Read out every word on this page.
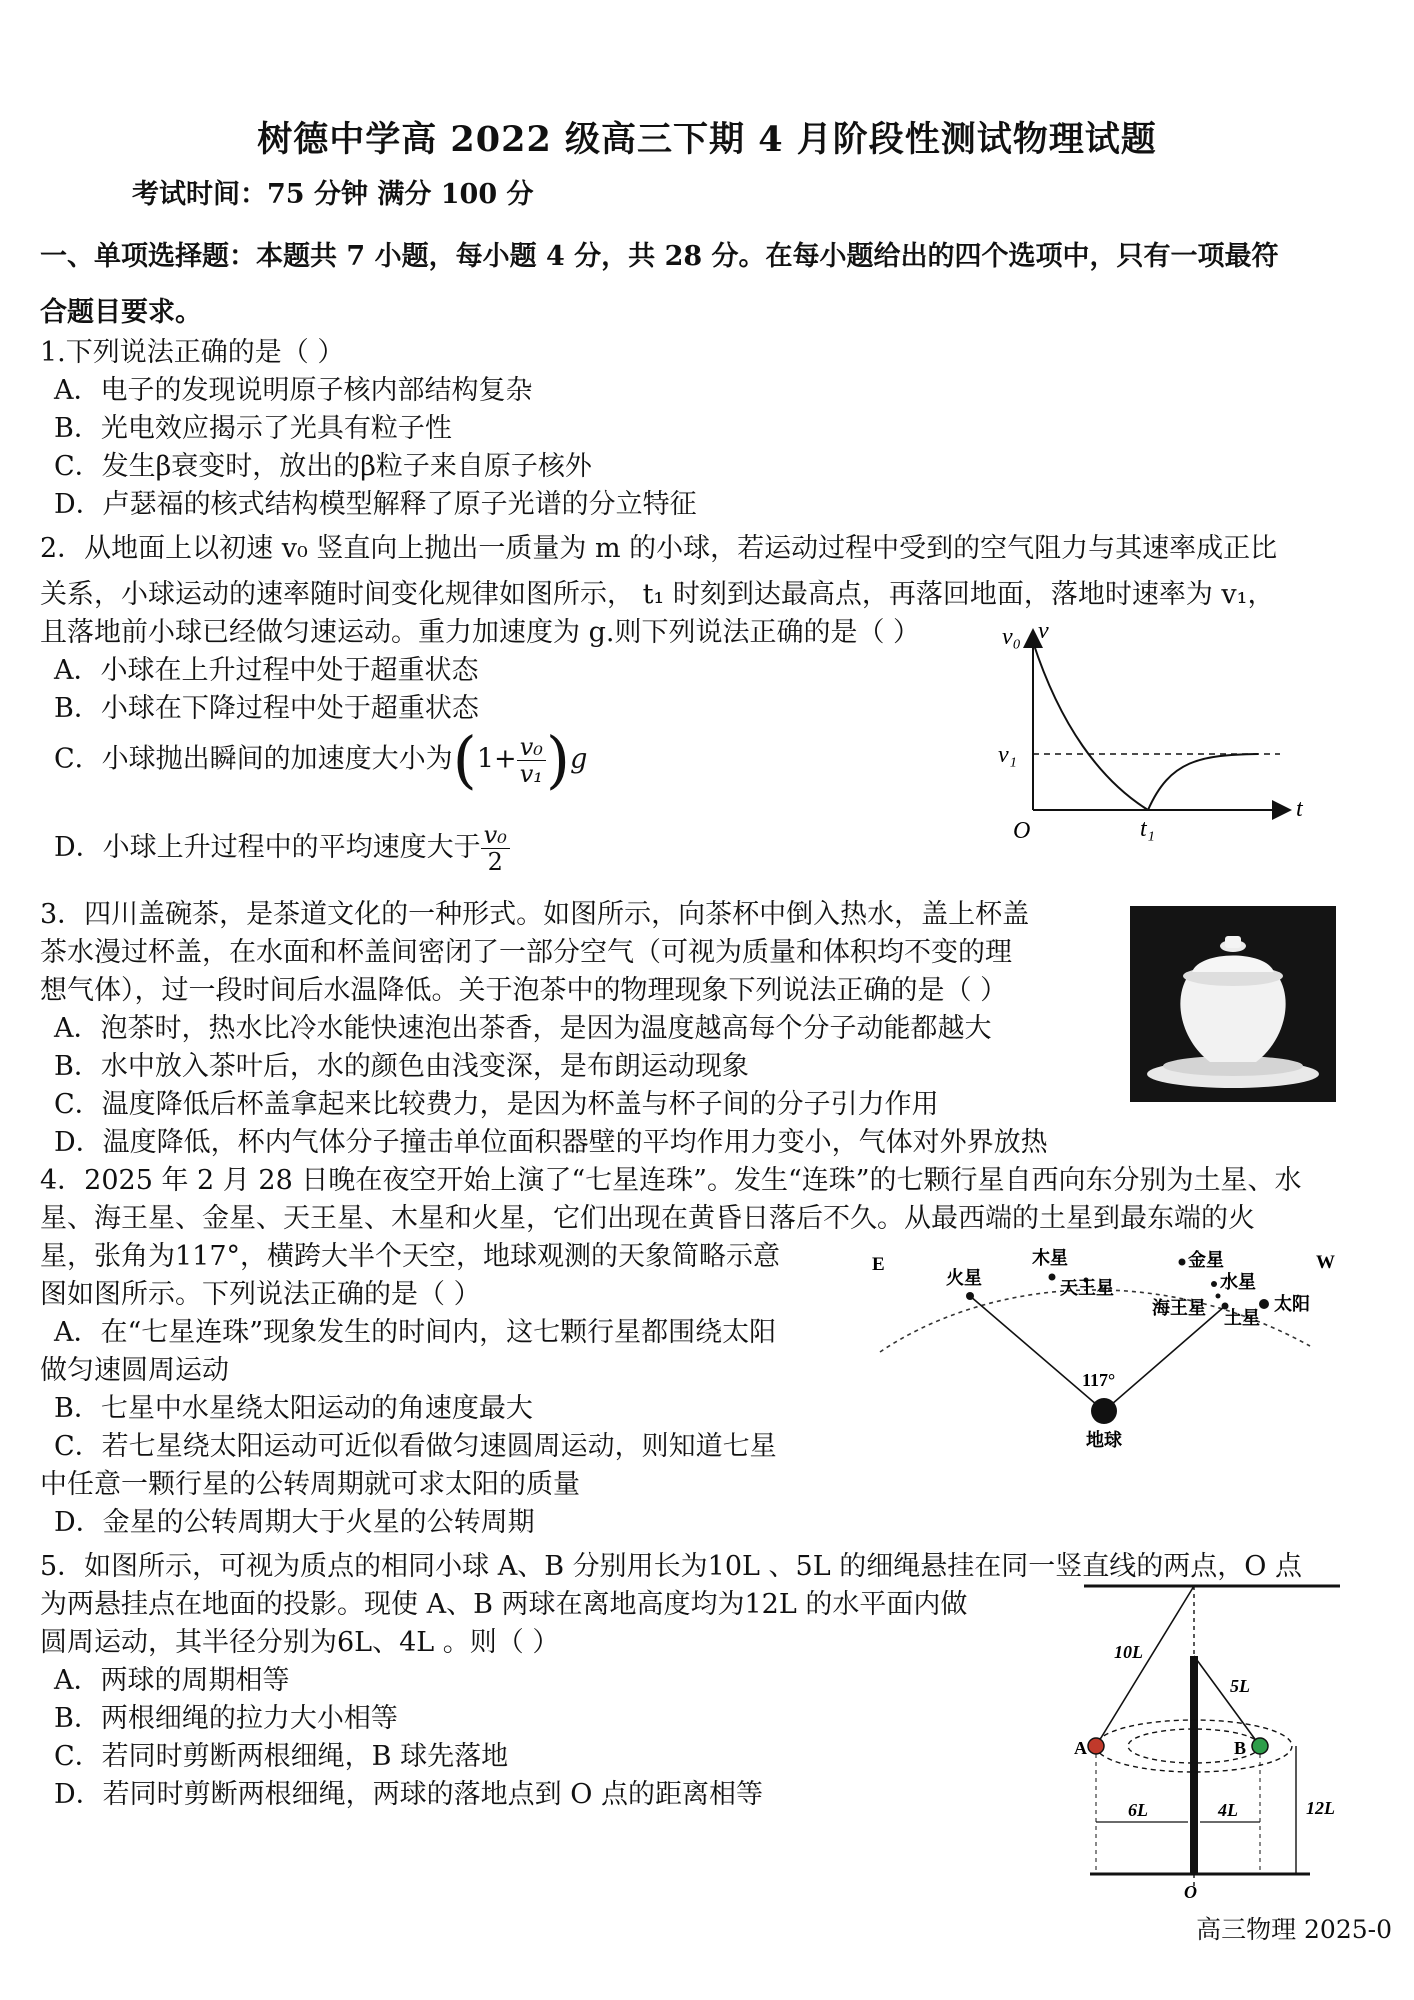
树德中学高 2022 级高三下期 4 月阶段性测试物理试题
考试时间：75 分钟 满分 100 分
一、单项选择题：本题共 7 小题，每小题 4 分，共 28 分。在每小题给出的四个选项中，只有一项最符
合题目要求。
1.下列说法正确的是（ ）
A．电子的发现说明原子核内部结构复杂
B．光电效应揭示了光具有粒子性
C．发生β衰变时，放出的β粒子来自原子核外
D．卢瑟福的核式结构模型解释了原子光谱的分立特征
2．从地面上以初速 v₀ 竖直向上抛出一质量为 m 的小球，若运动过程中受到的空气阻力与其速率成正比
关系，小球运动的速率随时间变化规律如图所示， t₁ 时刻到达最高点，再落回地面，落地时速率为 v₁，
且落地前小球已经做匀速运动。重力加速度为 g.则下列说法正确的是（ ）
A．小球在上升过程中处于超重状态
B．小球在下降过程中处于超重状态
C．小球抛出瞬间的加速度大小为$(1+ \frac{\text{v₀}}{\text{v₁}} )g$
D．小球上升过程中的平均速度大于 $\frac{\text{v₀}}{2}$
v₀ v
v₁
O	t₁
t
3．四川盖碗茶，是茶道文化的一种形式。如图所示，向茶杯中倒入热水，盖上杯盖
茶水漫过杯盖，在水面和杯盖间密闭了一部分空气（可视为质量和体积均不变的理
想气体），过一段时间后水温降低。关于泡茶中的物理现象下列说法正确的是（ ）
A．泡茶时，热水比冷水能快速泡出茶香，是因为温度越高每个分子动能都越大
B．水中放入茶叶后，水的颜色由浅变深，是布朗运动现象
C．温度降低后杯盖拿起来比较费力，是因为杯盖与杯子间的分子引力作用
D．温度降低，杯内气体分子撞击单位面积器壁的平均作用力变小，气体对外界放热
4．2025 年 2 月 28 日晚在夜空开始上演了“七星连珠”。发生“连珠”的七颗行星自西向东分别为土星、水
星、海王星、金星、天王星、木星和火星，它们出现在黄昏日落后不久。从最西端的土星到最东端的火
星，张角为117°，横跨大半个天空，地球观测的天象简略示意
图如图所示。下列说法正确的是（ ）
A．在“七星连珠”现象发生的时间内，这七颗行星都围绕太阳
做匀速圆周运动
B．七星中水星绕太阳运动的角速度最大
C．若七星绕太阳运动可近似看做匀速圆周运动，则知道七星
中任意一颗行星的公转周期就可求太阳的质量
D．金星的公转周期大于火星的公转周期
E	W
火星
木星
天王星
金星
水星
海王星 土星
太阳
117°
地球
5．如图所示，可视为质点的相同小球 A、B 分别用长为10L 、5L 的细绳悬挂在同一竖直线的两点，O 点
为两悬挂点在地面的投影。现使 A、B 两球在离地高度均为12L 的水平面内做
圆周运动，其半径分别为6L、4L 。则（ ）
A．两球的周期相等
B．两根细绳的拉力大小相等
C．若同时剪断两根细绳，B 球先落地
D．若同时剪断两根细绳，两球的落地点到 O 点的距离相等
10L
5L
A	B
6L	4L	12L
O
高三物理 2025-0
